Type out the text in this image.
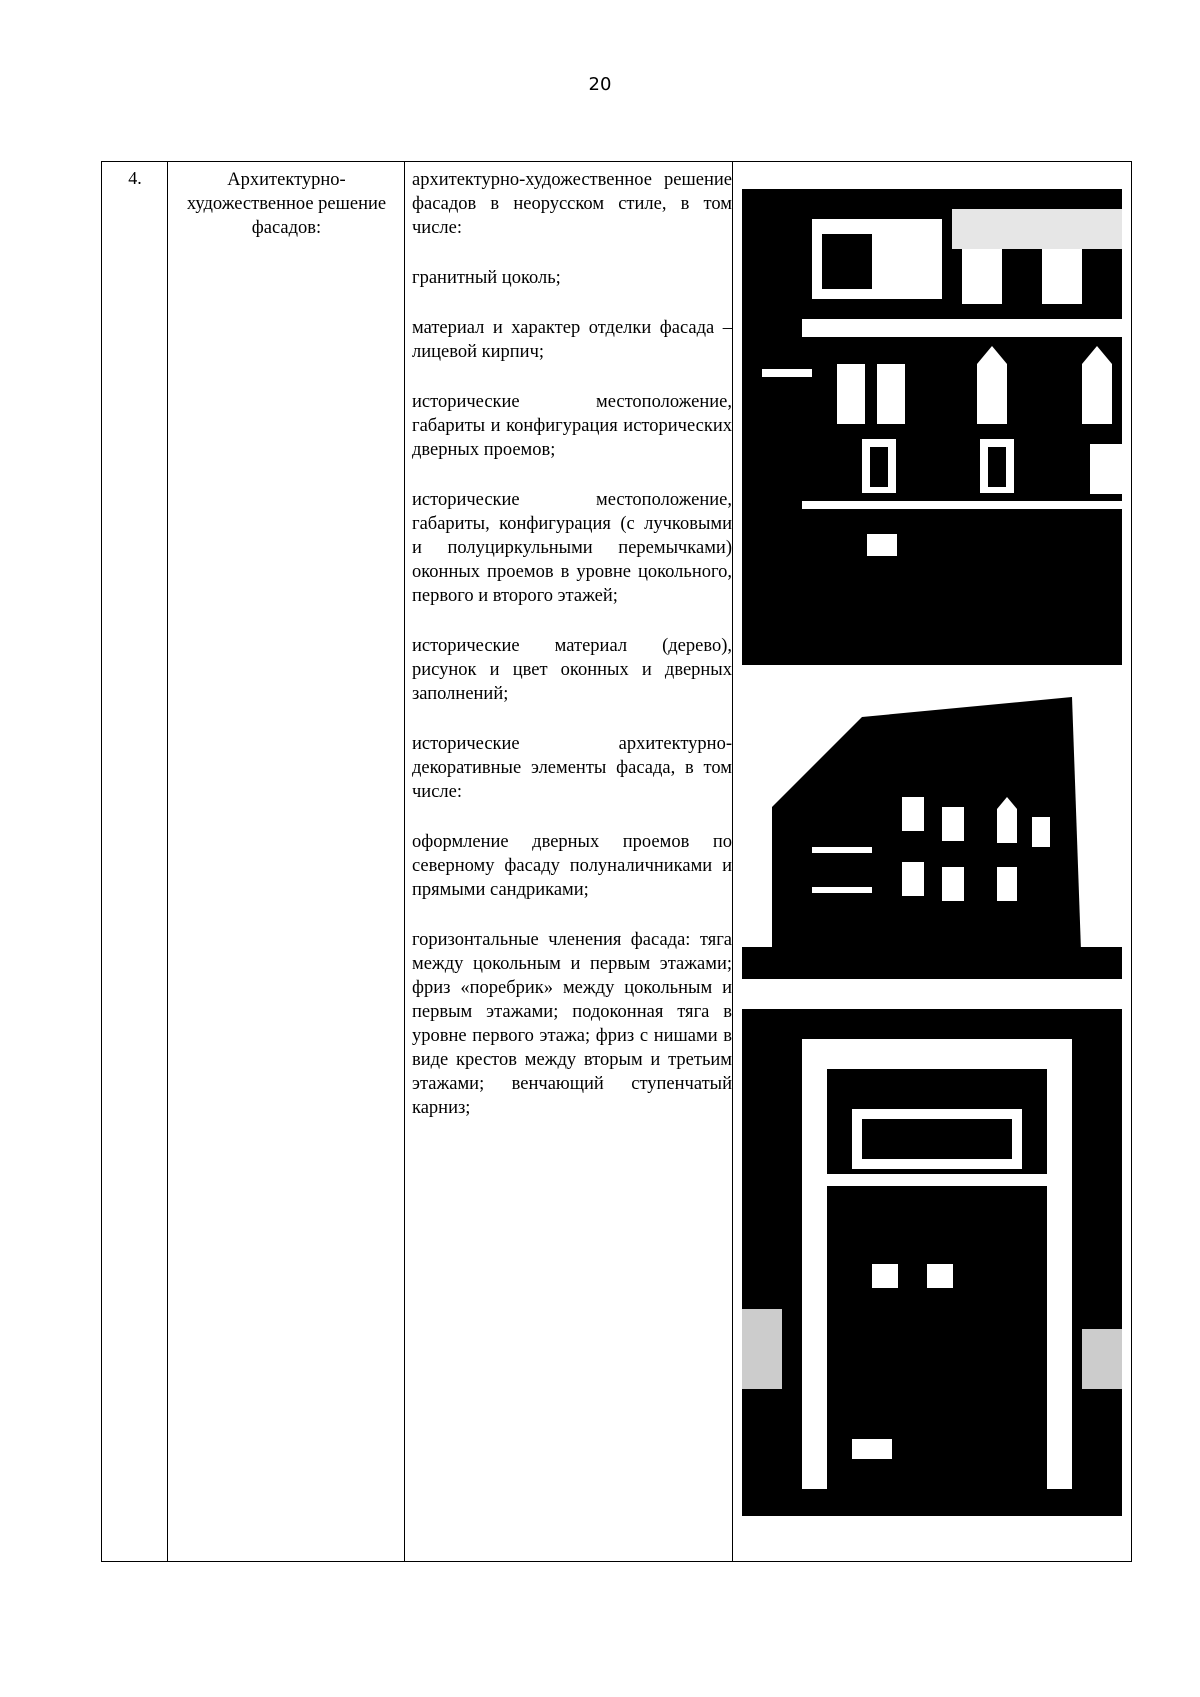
20
4.	Архитектурно-художественное решение фасадов:

архитектурно-художественное решение фасадов в неорусском стиле, в том числе:

гранитный цоколь;

материал и характер отделки фасада – лицевой кирпич;

исторические местоположение, габариты и конфигурация исторических дверных проемов;

исторические местоположение, габариты, конфигурация (с лучковыми и полуциркульными перемычками) оконных проемов в уровне цокольного, первого и второго этажей;

исторические материал (дерево), рисунок и цвет оконных и дверных заполнений;

исторические архитектурно-декоративные элементы фасада, в том числе:

оформление дверных проемов по северному фасаду полуналичниками и прямыми сандриками;

горизонтальные членения фасада: тяга между цокольным и первым этажами; фриз «поребрик» между цокольным и первым этажами; подоконная тяга в уровне первого этажа; фриз с нишами в виде крестов между вторым и третьим этажами; венчающий ступенчатый карниз;
